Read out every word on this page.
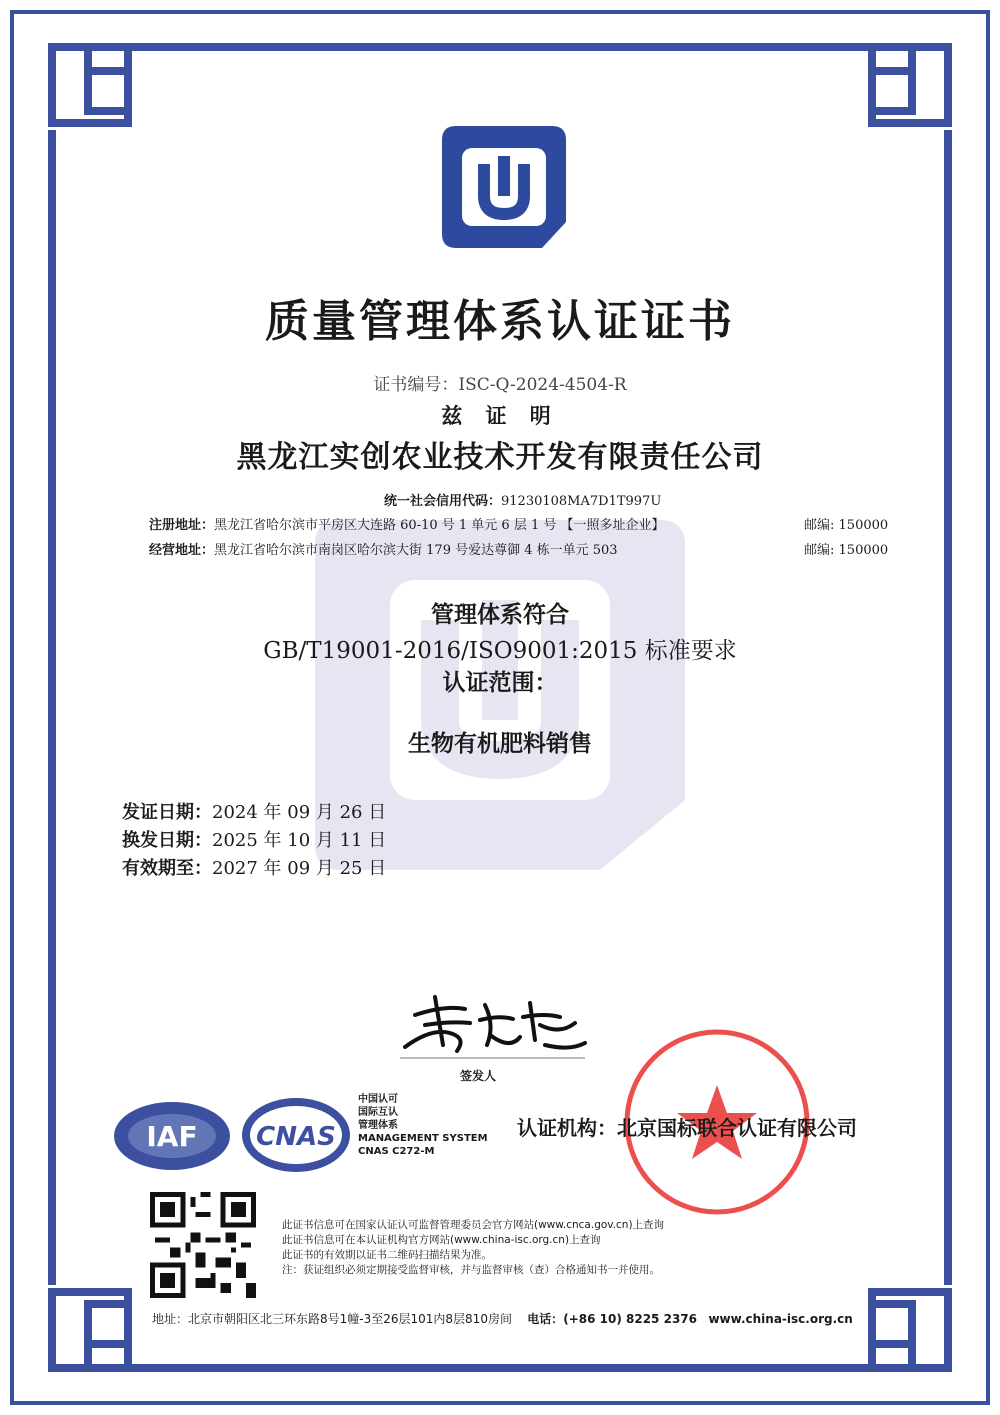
质量管理体系认证证书
证书编号：ISC-Q-2024-4504-R
兹 证 明
黑龙江实创农业技术开发有限责任公司
统一社会信用代码：91230108MA7D1T997U
注册地址：黑龙江省哈尔滨市平房区大连路 60-10 号 1 单元 6 层 1 号 【一照多址企业】	邮编: 150000
经营地址：黑龙江省哈尔滨市南岗区哈尔滨大街 179 号爱达尊御 4 栋一单元 503	邮编: 150000
管理体系符合
GB/T19001-2016/ISO9001:2015 标准要求
认证范围：
生物有机肥料销售
发证日期：2024 年 09 月 26 日
换发日期：2025 年 10 月 11 日
有效期至：2027 年 09 月 25 日
签发人
IAF CNAS
中国认可
国际互认
管理体系
MANAGEMENT SYSTEM
CNAS C272-M
认证机构：北京国标联合认证有限公司
此证书信息可在国家认证认可监督管理委员会官方网站(www.cnca.gov.cn)上查询
此证书信息可在本认证机构官方网站(www.china-isc.org.cn)上查询
此证书的有效期以证书二维码扫描结果为准。
注：获证组织必须定期接受监督审核，并与监督审核（查）合格通知书一并使用。
地址：北京市朝阳区北三环东路8号1幢-3至26层101内8层810房间 电话：(+86 10) 8225 2376 www.china-isc.org.cn
